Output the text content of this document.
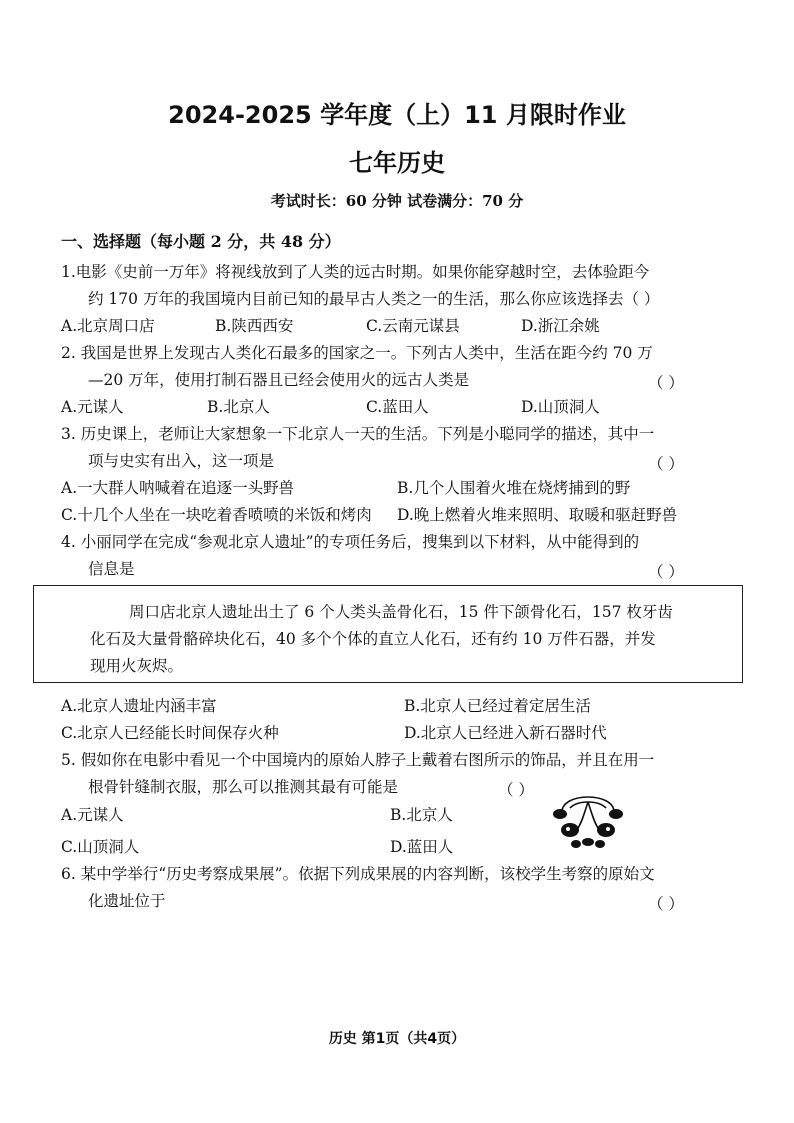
2024-2025 学年度（上）11 月限时作业
七年历史
考试时长：60 分钟 试卷满分：70 分
一、选择题（每小题 2 分，共 48 分）
1.电影《史前一万年》将视线放到了人类的远古时期。如果你能穿越时空，去体验距今
约 170 万年的我国境内目前已知的最早古人类之一的生活，那么你应该选择去（ ）
A.北京周口店	B.陕西西安	C.云南元谋县	D.浙江余姚
2. 我国是世界上发现古人类化石最多的国家之一。下列古人类中，生活在距今约 70 万
—20 万年，使用打制石器且已经会使用火的远古人类是	（ ）
A.元谋人	B.北京人	C.蓝田人	D.山顶洞人
3. 历史课上，老师让大家想象一下北京人一天的生活。下列是小聪同学的描述，其中一
项与史实有出入，这一项是	（ ）
A.一大群人呐喊着在追逐一头野兽	B.几个人围着火堆在烧烤捕到的野
C.十几个人坐在一块吃着香喷喷的米饭和烤肉 D.晚上燃着火堆来照明、取暖和驱赶野兽
4. 小丽同学在完成“参观北京人遗址”的专项任务后，搜集到以下材料，从中能得到的
信息是	（ ）
周口店北京人遗址出土了 6 个人类头盖骨化石，15 件下颌骨化石，157 枚牙齿
化石及大量骨骼碎块化石，40 多个个体的直立人化石，还有约 10 万件石器，并发
现用火灰烬。
A.北京人遗址内涵丰富	B.北京人已经过着定居生活
C.北京人已经能长时间保存火种	D.北京人已经进入新石器时代
5. 假如你在电影中看见一个中国境内的原始人脖子上戴着右图所示的饰品，并且在用一
根骨针缝制衣服，那么可以推测其最有可能是	（ ）
A.元谋人	B.北京人
C.山顶洞人	D.蓝田人
6. 某中学举行“历史考察成果展”。依据下列成果展的内容判断，该校学生考察的原始文
化遗址位于	（ ）
历史 第1页（共4页）
